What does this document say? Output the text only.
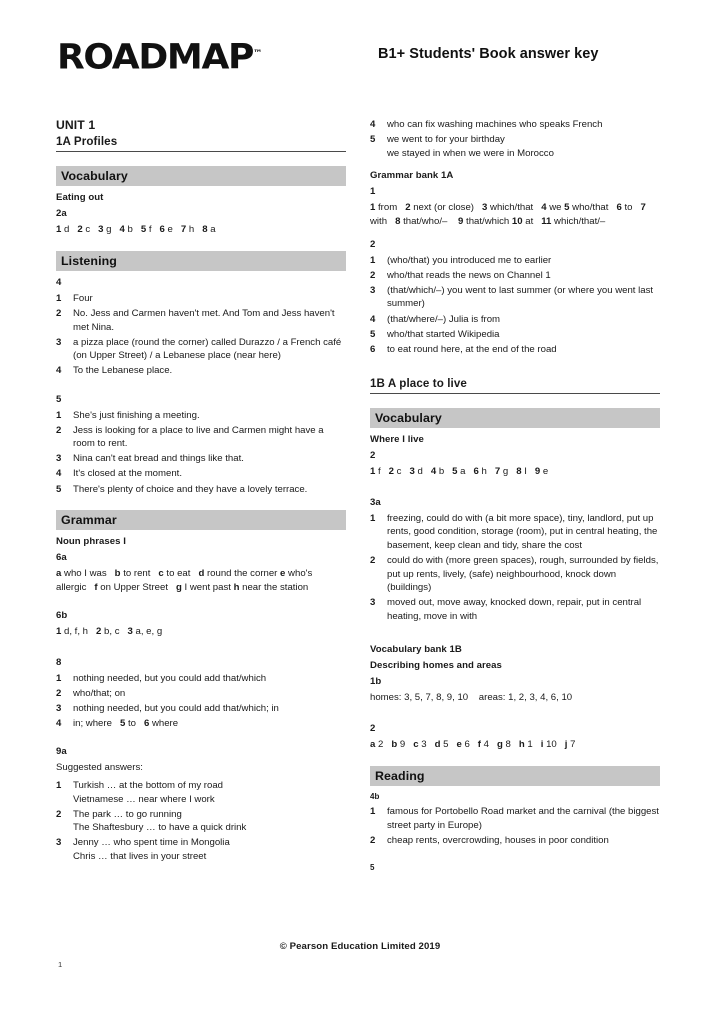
ROADMAP™	B1+ Students' Book answer key
UNIT 1
1A Profiles
Vocabulary
Eating out
2a
1 d   2 c   3 g   4 b   5 f   6 e   7 h   8 a
Listening
4
1 Four
2 No. Jess and Carmen haven't met. And Tom and Jess haven't met Nina.
3 a pizza place (round the corner) called Durazzo / a French café (on Upper Street) / a Lebanese place (near here)
4 To the Lebanese place.
5
1 She's just finishing a meeting.
2 Jess is looking for a place to live and Carmen might have a room to rent.
3 Nina can't eat bread and things like that.
4 It's closed at the moment.
5 There's plenty of choice and they have a lovely terrace.
Grammar
Noun phrases I
6a
a who I was   b to rent   c to eat   d round the corner e who's allergic   f on Upper Street   g I went past h near the station
6b
1 d, f, h   2 b, c   3 a, e, g
8
1 nothing needed, but you could add that/which
2 who/that; on
3 nothing needed, but you could add that/which; in
4 in; where   5 to   6 where
9a
Suggested answers:
1 Turkish … at the bottom of my road
Vietnamese … near where I work
2 The park … to go running
The Shaftesbury … to have a quick drink
3 Jenny … who spent time in Mongolia
Chris … that lives in your street
4 who can fix washing machines who speaks French
5 we went to for your birthday
we stayed in when we were in Morocco
Grammar bank 1A
1
1 from   2 next (or close)   3 which/that   4 we 5 who/that   6 to   7 with   8 that/who/–    9 that/which 10 at   11 which/that/–
2
1 (who/that) you introduced me to earlier
2 who/that reads the news on Channel 1
3 (that/which/–) you went to last summer (or where you went last summer)
4 (that/where/–) Julia is from
5 who/that started Wikipedia
6 to eat round here, at the end of the road
1B A place to live
Vocabulary
Where I live
2
1 f   2 c   3 d   4 b   5 a   6 h   7 g   8 I   9 e
3a
1 freezing, could do with (a bit more space), tiny, landlord, put up rents, good condition, storage (room), put in central heating, the basement, keep clean and tidy, share the cost
2 could do with (more green spaces), rough, surrounded by fields, put up rents, lively, (safe) neighbourhood, knock down (buildings)
3 moved out, move away, knocked down, repair, put in central heating, move in with
Vocabulary bank 1B
Describing homes and areas
1b
homes: 3, 5, 7, 8, 9, 10    areas: 1, 2, 3, 4, 6, 10
2
a 2   b 9   c 3   d 5   e 6   f 4   g 8   h 1   i 10   j 7
Reading
4b
1 famous for Portobello Road market and the carnival (the biggest street party in Europe)
2 cheap rents, overcrowding, houses in poor condition
5
© Pearson Education Limited 2019
1
